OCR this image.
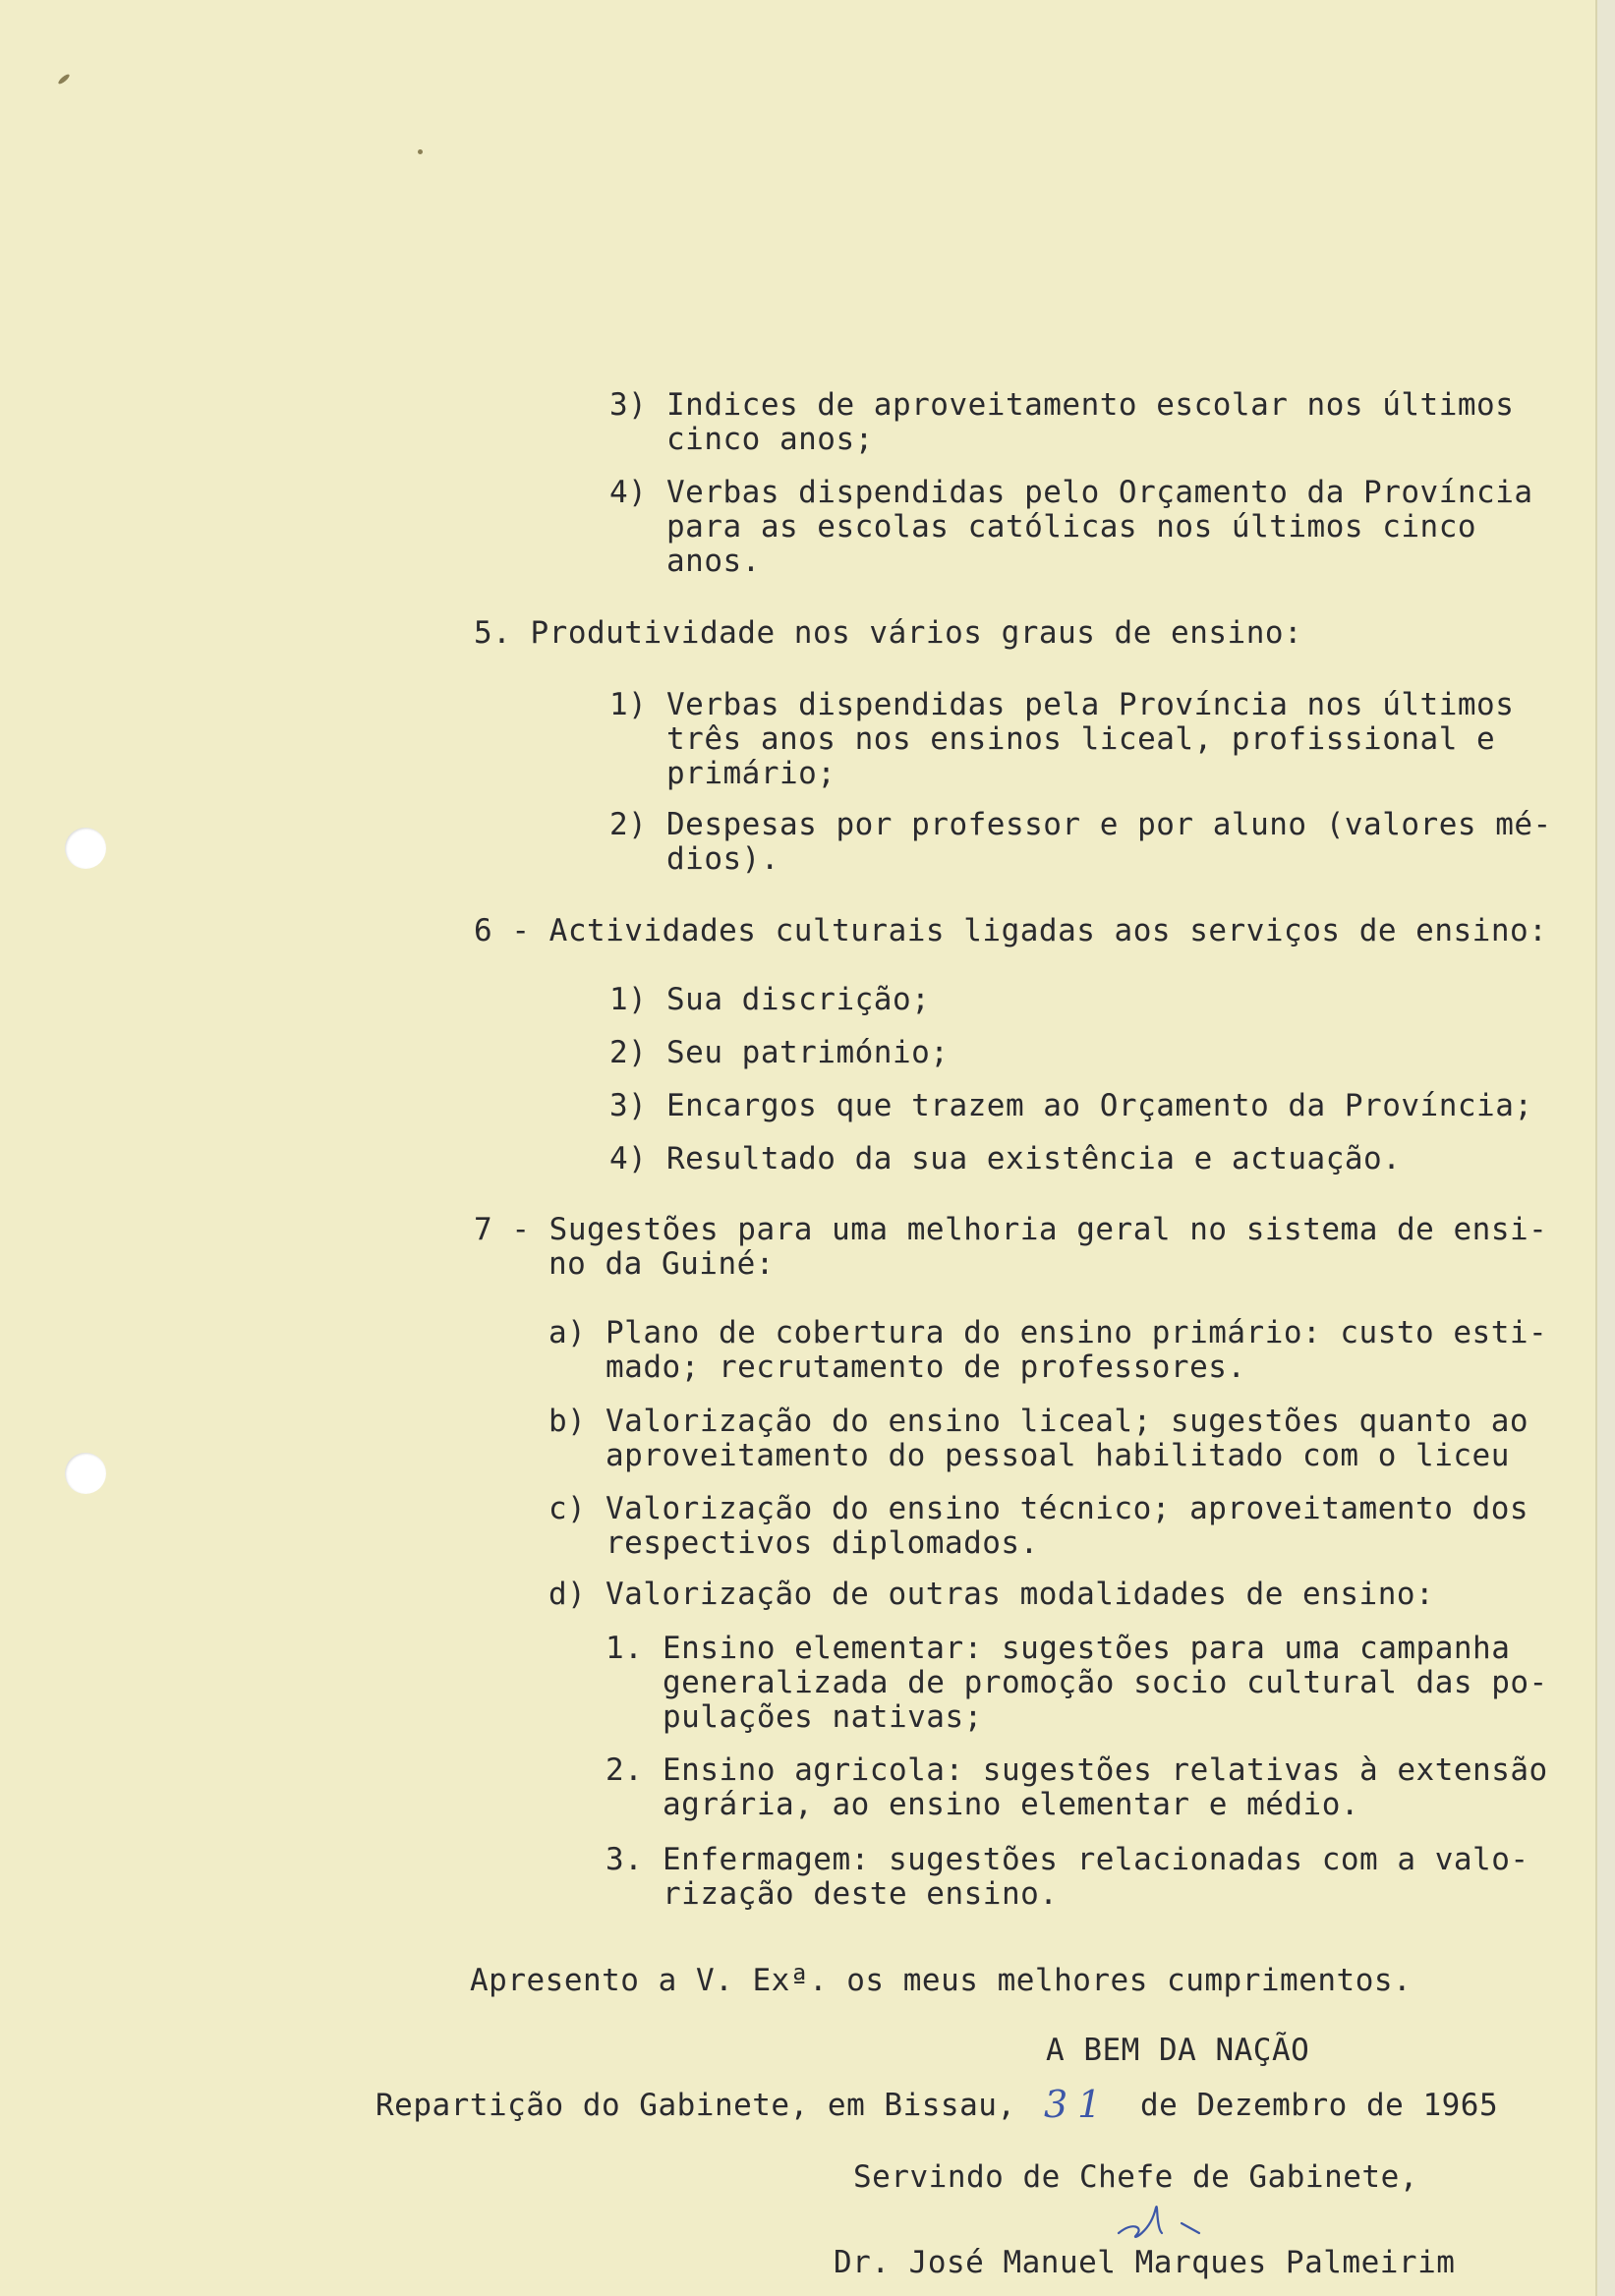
3) Indices de aproveitamento escolar nos últimos
cinco anos;
4) Verbas dispendidas pelo Orçamento da Província
para as escolas católicas nos últimos cinco
anos.
5. Produtividade nos vários graus de ensino:
1) Verbas dispendidas pela Província nos últimos
três anos nos ensinos liceal, profissional e
primário;
2) Despesas por professor e por aluno (valores mé-
dios).
6 - Actividades culturais ligadas aos serviços de ensino:
1) Sua discrição;
2) Seu património;
3) Encargos que trazem ao Orçamento da Província;
4) Resultado da sua existência e actuação.
7 - Sugestões para uma melhoria geral no sistema de ensi-
no da Guiné:
a) Plano de cobertura do ensino primário: custo esti-
mado; recrutamento de professores.
b) Valorização do ensino liceal; sugestões quanto ao
aproveitamento do pessoal habilitado com o liceu
c) Valorização do ensino técnico; aproveitamento dos
respectivos diplomados.
d) Valorização de outras modalidades de ensino:
1. Ensino elementar: sugestões para uma campanha
generalizada de promoção socio cultural das po-
pulações nativas;
2. Ensino agricola: sugestões relativas à extensão
agrária, ao ensino elementar e médio.
3. Enfermagem: sugestões relacionadas com a valo-
rização deste ensino.
Apresento a V. Exª. os meus melhores cumprimentos.
A BEM DA NAÇÃO
Repartição do Gabinete, em Bissau, 31 de Dezembro de 1965
Servindo de Chefe de Gabinete,
Dr. José Manuel Marques Palmeirim
